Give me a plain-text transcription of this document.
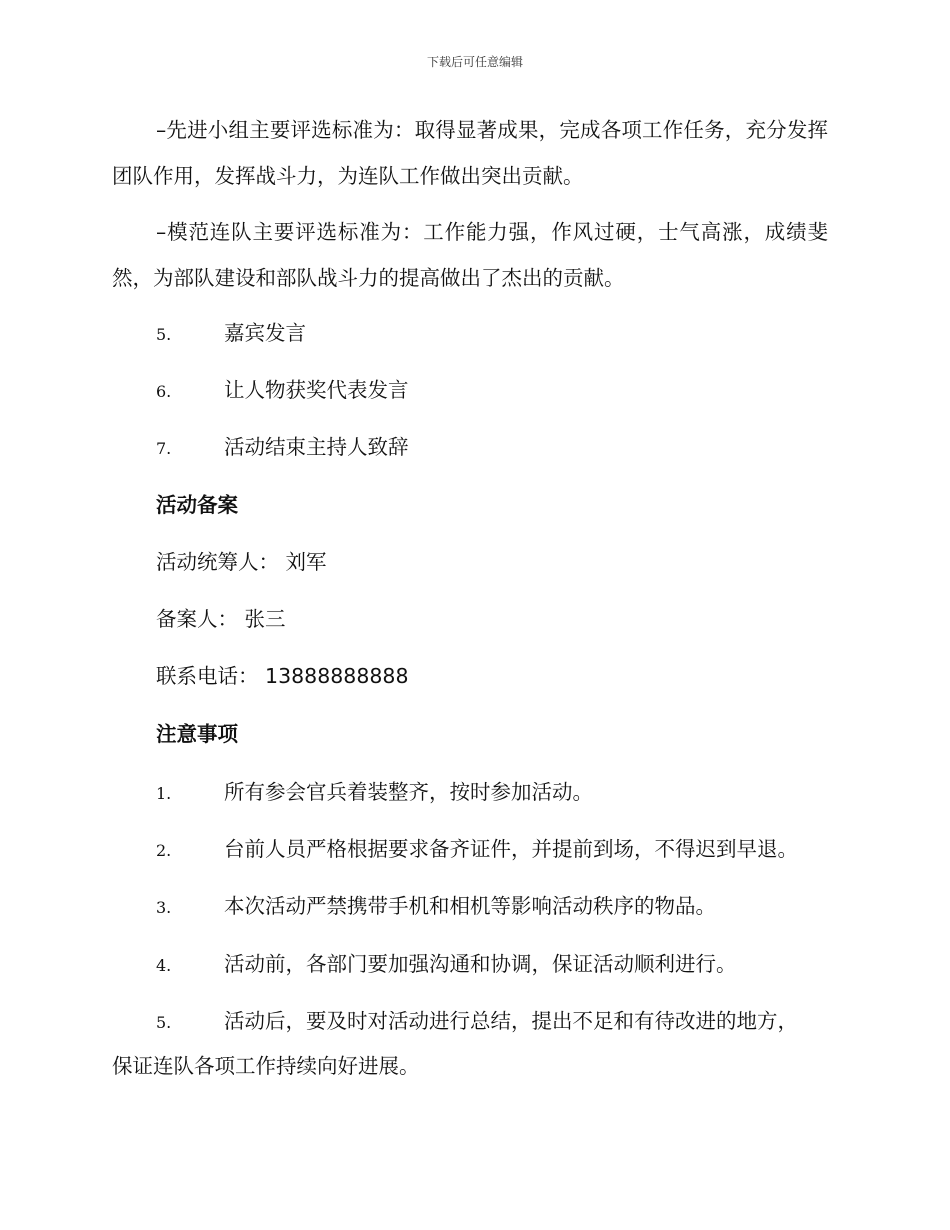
下载后可任意编辑
–先进小组主要评选标准为：取得显著成果，完成各项工作任务，充分发挥团队作用，发挥战斗力，为连队工作做出突出贡献。
–模范连队主要评选标准为：工作能力强，作风过硬，士气高涨，成绩斐然，为部队建设和部队战斗力的提高做出了杰出的贡献。
5.	嘉宾发言
6.	让人物获奖代表发言
7.	活动结束主持人致辞
活动备案
活动统筹人： 刘军
备案人： 张三
联系电话： 13888888888
注意事项
1.	所有参会官兵着装整齐，按时参加活动。
2.	台前人员严格根据要求备齐证件，并提前到场，不得迟到早退。
3.	本次活动严禁携带手机和相机等影响活动秩序的物品。
4.	活动前，各部门要加强沟通和协调，保证活动顺利进行。
5.	活动后，要及时对活动进行总结，提出不足和有待改进的地方，
保证连队各项工作持续向好进展。
